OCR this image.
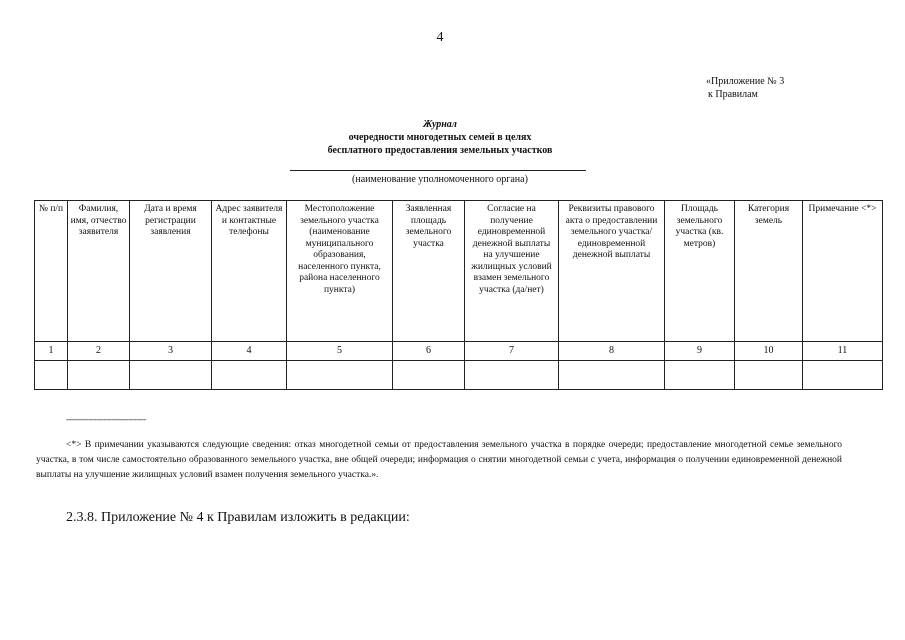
4
«Приложение № 3
к Правилам
Журнал
очередности многодетных семей в целях
бесплатного предоставления земельных участков
(наименование уполномоченного органа)
№ п/п	Фамилия, имя, отчество заявителя	Дата и время регистрации заявления	Адрес заявителя и контактные телефоны	Местоположение земельного участка (наименование муниципального образования, населенного пункта, района населенного пункта)	Заявленная площадь земельного участка	Согласие на получение единовременной денежной выплаты на улучшение жилищных условий взамен земельного участка (да/нет)	Реквизиты правового акта о предоставлении земельного участка/единовременной денежной выплаты	Площадь земельного участка (кв. метров)	Категория земель	Примечание <*>
1	2	3	4	5	6	7	8	9	10	11

--------------------------------
<*> В примечании указываются следующие сведения: отказ многодетной семьи от предоставления земельного участка в порядке очереди; предоставление многодетной семье земельного участка, в том числе самостоятельно образованного земельного участка, вне общей очереди; информация о снятии многодетной семьи с учета, информация о получении единовременной денежной выплаты на улучшение жилищных условий взамен получения земельного участка.».
2.3.8. Приложение № 4 к Правилам изложить в редакции:
